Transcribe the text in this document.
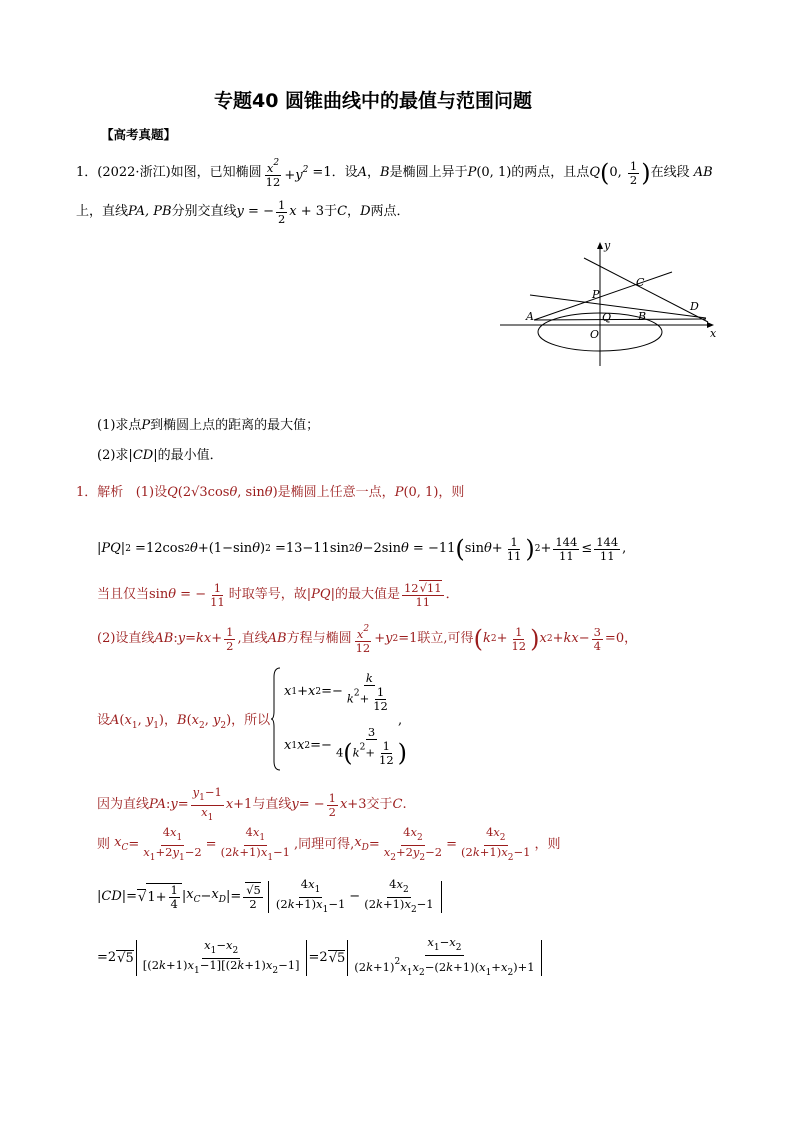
专题40 圆锥曲线中的最值与范围问题
【高考真题】
1． (2022·浙江) 如图，已知椭圆 $\frac{x^2}{12} +y^2 =1$ ．设 A ， B 是椭圆上异于 P (0, 1) 的两点，且点 Q ( 0, $\frac{1}{2}$ ) 在线段 AB
上，直线 PA, PB 分别交直线 y = − $\frac{1}{2}$ x + 3 于 C ， D 两点．
y
x
C
D
P
Q B
A
O
(1)求点P到椭圆上点的距离的最大值；
(2)求|CD|的最小值．
1．解析 (1)设Q(2√3cosθ, sinθ)是椭圆上任意一点，P(0, 1)，则
| PQ | 2 =12cos 2 θ +(1−sin θ ) 2 =13−11sin 2 θ −2sin θ = −11 ( $\sin \theta + \frac{1}{11}$ ) $2 + \frac{144}{11} \le \frac{144}{11}$ ,
当且仅当 sin θ = − $\frac{1}{11}$ 时取等号，故 | PQ | 的最大值是 $\frac{12√11}{11}$ ．
(2)设直线 AB : y = kx + $\frac{1}{2}$ , 直线 AB 方程与椭圆 $\frac{x^2}{12} + y$ 2 =1 联立,可得 ( k $2 + \frac{1}{12}$ ) x 2 + kx − $\frac{3}{4} =0$，
设$A(x_1$, $y_1$)，$B(x_2$, $y_2$)，所以
x 1 + x $2 =- \frac{k}{k^2+ \frac{1}{12}}$
x 1 x $2 =- \frac{3}{4(k^2+ \frac{1}{12} )}$
,
因为直线 PA : $y = \frac{y_1-1}{x_1}$ x +1 与直线 y = − $\frac{1}{2}$ x +3 交于 C .
则
$x_C = \frac{4x_1}{x_1+2y_1-2} = \frac{4x_1}{(2k+1)x_1-1}$ ,同理可得, $x_D = \frac{4x_2}{x_2+2y_2-2} = \frac{4x_2}{(2k+1)x_2-1}$ ，则
| CD |= √ $1+ \frac{1}{4}$ | $x_C - x_D$ |= $\frac{√5}{2} \frac{4x_1}{(2k+1)x_1-1} - \frac{4x_2}{(2k+1)x_2-1}$
=2 $√5 \frac{x_1-x_2}{[(2k+1)x_1-1][(2k+1)x_2-1]} =2$ $√5 \frac{x_1-x_2}{(2k+1)^2x_1x_2-(2k+1)(x_1+x_2)+1}$
